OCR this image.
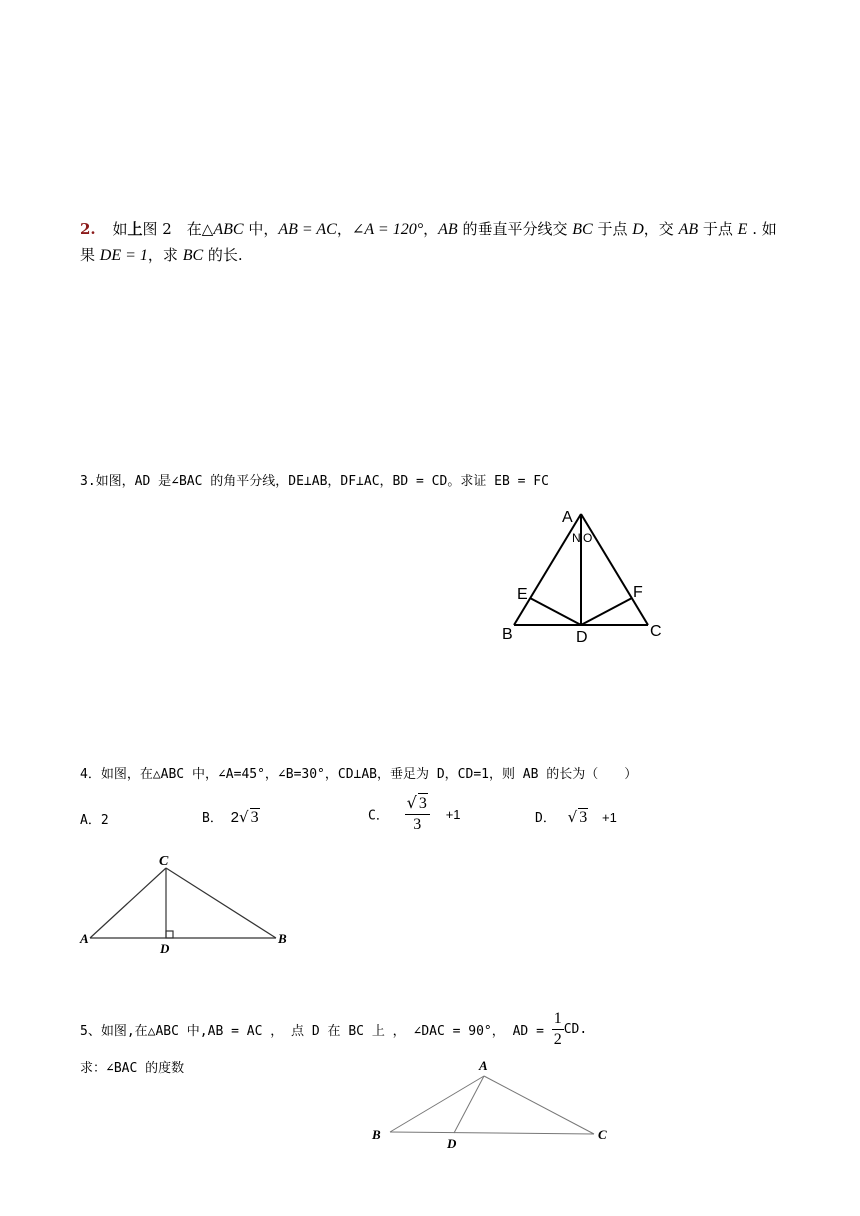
2. 如上图 2　在△ABC 中，AB = AC，∠A = 120°，AB 的垂直平分线交 BC 于点 D，交 AB 于点 E . 如
果 DE = 1，求 BC 的长.
3.如图，AD 是∠BAC 的角平分线，DE⊥AB，DF⊥AC，BD = CD。求证 EB = FC
A
N O
E	F
B	D	C
4．如图，在△ABC 中，∠A=45°，∠B=30°，CD⊥AB，垂足为 D，CD=1，则 AB 的长为（　　）
A．2	B． 2√ 3	C． $\frac{√ 3}{3} +1$	D． √ 3 +1
C
A
D
B
5、如图,在△ABC 中,AB = AC ， 点 D 在 BC 上 ， ∠DAC = 90°， AD = $\frac{1}{2}$ CD.
求：∠BAC 的度数	A
B
D
C
